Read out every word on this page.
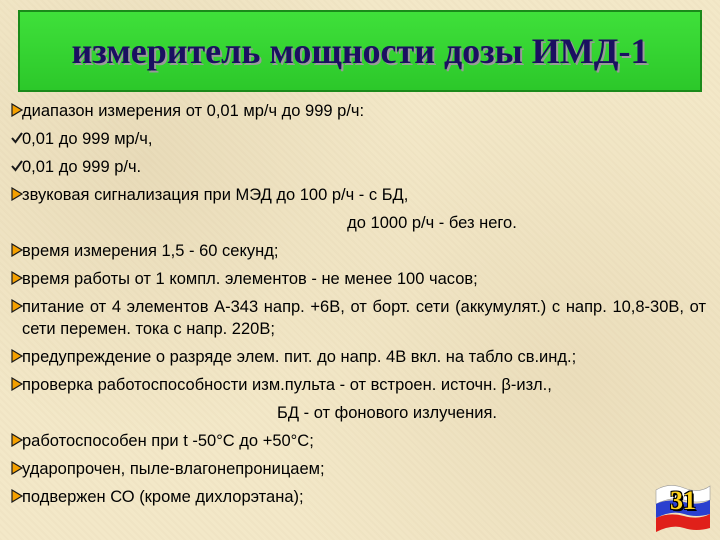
измеритель мощности дозы ИМД-1
диапазон измерения от 0,01 мр/ч до 999 р/ч:
0,01 до 999 мр/ч,
0,01 до 999 р/ч.
звуковая сигнализация при МЭД до 100 р/ч - с БД,
до 1000 р/ч - без него.
время измерения 1,5 - 60 секунд;
время работы от 1 компл. элементов - не менее 100 часов;
питание от 4 элементов А-343 напр. +6В, от борт. сети (аккумулят.) с напр. 10,8-30В, от сети перемен. тока с напр. 220В;
предупреждение о разряде элем. пит. до напр. 4В вкл. на табло св.инд.;
проверка работоспособности изм.пульта - от встроен. источн. β-изл.,
БД - от фонового излучения.
работоспособен при t -50°С до +50°С;
ударопрочен, пыле-влагонепроницаем;
подвержен СО (кроме дихлорэтана);	31
